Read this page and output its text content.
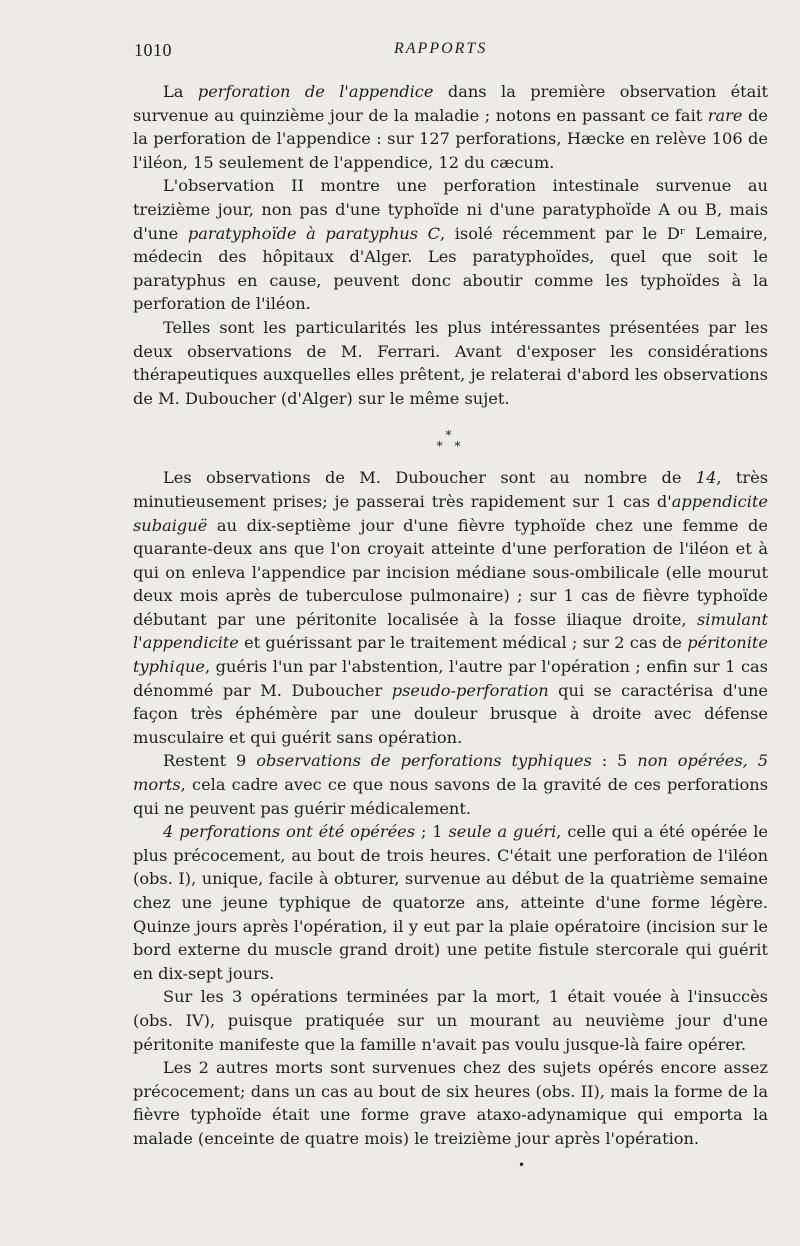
1010	RAPPORTS

La perforation de l'appendice dans la première observation était survenue au quinzième jour de la maladie ; notons en passant ce fait rare de la perforation de l'appendice : sur 127 perforations, Hæcke en relève 106 de l'iléon, 15 seulement de l'appendice, 12 du cæcum.

L'observation II montre une perforation intestinale survenue au treizième jour, non pas d'une typhoïde ni d'une paratyphoïde A ou B, mais d'une paratyphoïde à paratyphus C, isolé récemment par le Dʳ Lemaire, médecin des hôpitaux d'Alger. Les paratyphoïdes, quel que soit le paratyphus en cause, peuvent donc aboutir comme les typhoïdes à la perforation de l'iléon.

Telles sont les particularités les plus intéressantes présentées par les deux observations de M. Ferrari. Avant d'exposer les considérations thérapeutiques auxquelles elles prêtent, je relaterai d'abord les observations de M. Duboucher (d'Alger) sur le même sujet.

*
* *

Les observations de M. Duboucher sont au nombre de 14, très minutieusement prises; je passerai très rapidement sur 1 cas d'appendicite subaiguë au dix-septième jour d'une fièvre typhoïde chez une femme de quarante-deux ans que l'on croyait atteinte d'une perforation de l'iléon et à qui on enleva l'appendice par incision médiane sous-ombilicale (elle mourut deux mois après de tuberculose pulmonaire) ; sur 1 cas de fièvre typhoïde débutant par une péritonite localisée à la fosse iliaque droite, simulant l'appendicite et guérissant par le traitement médical ; sur 2 cas de péritonite typhique, guéris l'un par l'abstention, l'autre par l'opération ; enfin sur 1 cas dénommé par M. Duboucher pseudo-perforation qui se caractérisa d'une façon très éphémère par une douleur brusque à droite avec défense musculaire et qui guérit sans opération.

Restent 9 observations de perforations typhiques : 5 non opérées, 5 morts, cela cadre avec ce que nous savons de la gravité de ces perforations qui ne peuvent pas guérir médicalement.

4 perforations ont été opérées ; 1 seule a guéri, celle qui a été opérée le plus précocement, au bout de trois heures. C'était une perforation de l'iléon (obs. I), unique, facile à obturer, survenue au début de la quatrième semaine chez une jeune typhique de quatorze ans, atteinte d'une forme légère. Quinze jours après l'opération, il y eut par la plaie opératoire (incision sur le bord externe du muscle grand droit) une petite fistule stercorale qui guérit en dix-sept jours.

Sur les 3 opérations terminées par la mort, 1 était vouée à l'insuccès (obs. IV), puisque pratiquée sur un mourant au neuvième jour d'une péritonite manifeste que la famille n'avait pas voulu jusque-là faire opérer.

Les 2 autres morts sont survenues chez des sujets opérés encore assez précocement; dans un cas au bout de six heures (obs. II), mais la forme de la fièvre typhoïde était une forme grave ataxo-adynamique qui emporta la malade (enceinte de quatre mois) le treizième jour après l'opération.

•
